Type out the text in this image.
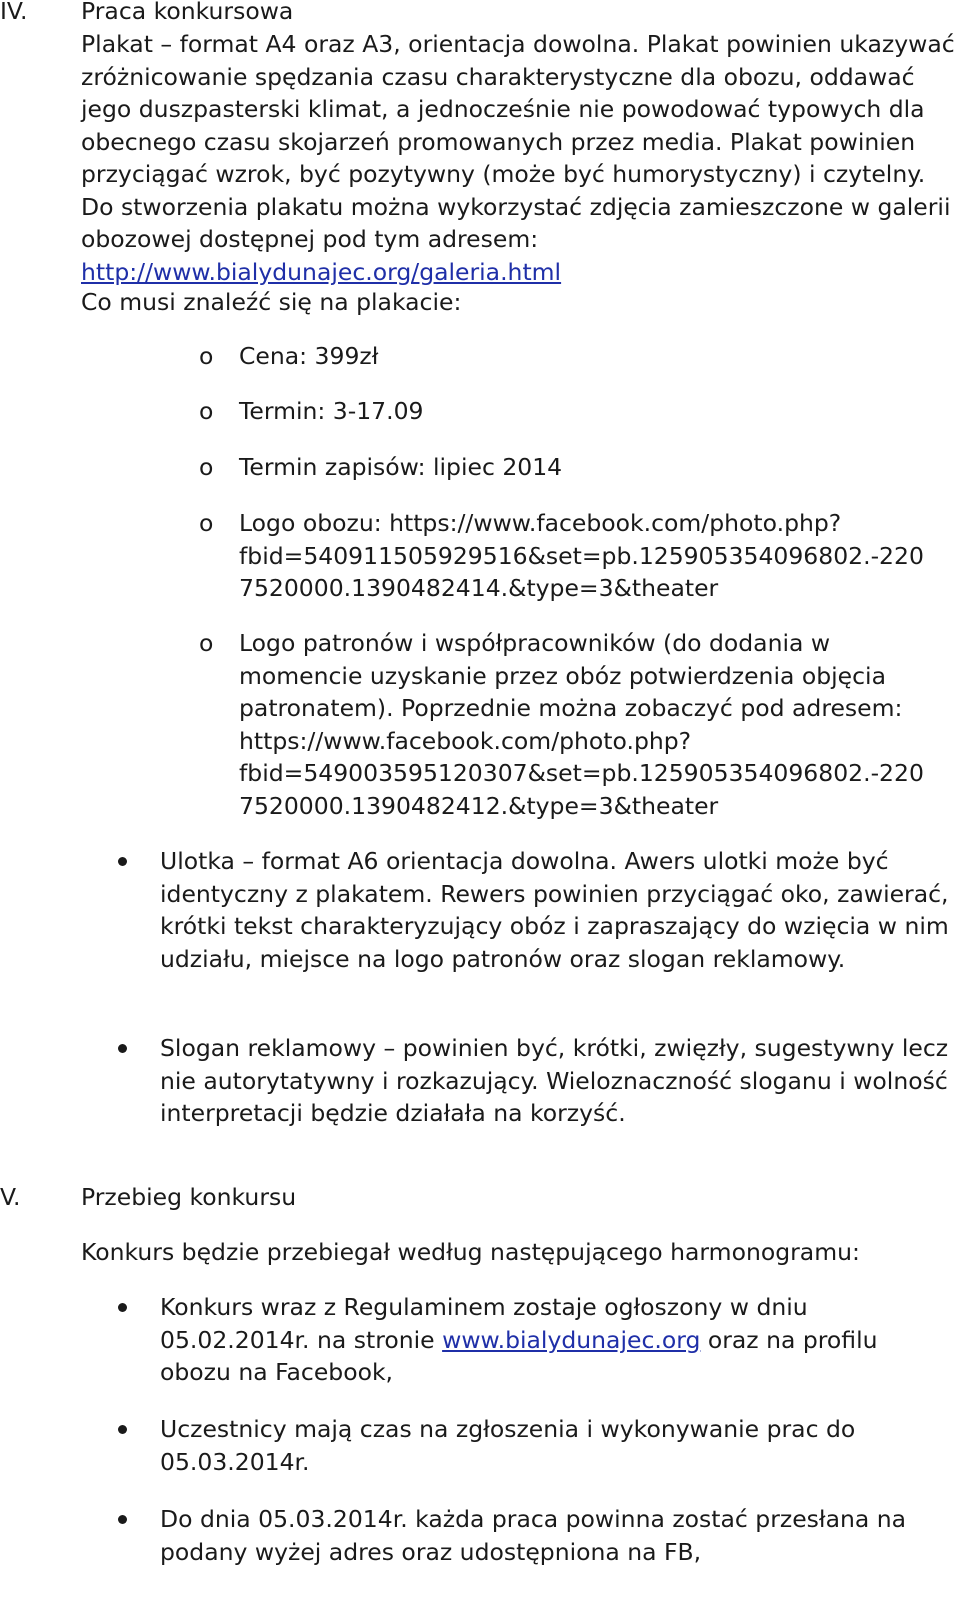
IV. Praca konkursowa

Plakat – format A4 oraz A3, orientacja dowolna. Plakat powinien ukazywać zróżnicowanie spędzania czasu charakterystyczne dla obozu, oddawać jego duszpasterski klimat, a jednocześnie nie powodować typowych dla obecnego czasu skojarzeń promowanych przez media. Plakat powinien przyciągać wzrok, być pozytywny (może być humorystyczny) i czytelny. Do stworzenia plakatu można wykorzystać zdjęcia zamieszczone w galerii obozowej dostępnej pod tym adresem: http://www.bialydunajec.org/galeria.html

Co musi znaleźć się na plakacie:

o Cena: 399zł

o Termin: 3-17.09

o Termin zapisów: lipiec 2014

o Logo obozu: https://www.facebook.com/photo.php?
fbid=540911505929516&set=pb.125905354096802.-220
7520000.1390482414.&type=3&theater

o Logo patronów i współpracowników (do dodania w
momencie uzyskanie przez obóz potwierdzenia objęcia
patronatem). Poprzednie można zobaczyć pod adresem:
https://www.facebook.com/photo.php?
fbid=549003595120307&set=pb.125905354096802.-220
7520000.1390482412.&type=3&theater

Ulotka – format A6 orientacja dowolna. Awers ulotki może być identyczny z plakatem. Rewers powinien przyciągać oko, zawierać, krótki tekst charakteryzujący obóz i zapraszający do wzięcia w nim udziału, miejsce na logo patronów oraz slogan reklamowy.

Slogan reklamowy – powinien być, krótki, zwięzły, sugestywny lecz nie autorytatywny i rozkazujący. Wieloznaczność sloganu i wolność interpretacji będzie działała na korzyść.

V.	Przebieg konkursu

Konkurs będzie przebiegał według następującego harmonogramu:

Konkurs wraz z Regulaminem zostaje ogłoszony w dniu 05.02.2014r. na stronie www.bialydunajec.org oraz na profilu obozu na Facebook,

Uczestnicy mają czas na zgłoszenia i wykonywanie prac do 05.03.2014r.

Do dnia 05.03.2014r. każda praca powinna zostać przesłana na podany wyżej adres oraz udostępniona na FB,
